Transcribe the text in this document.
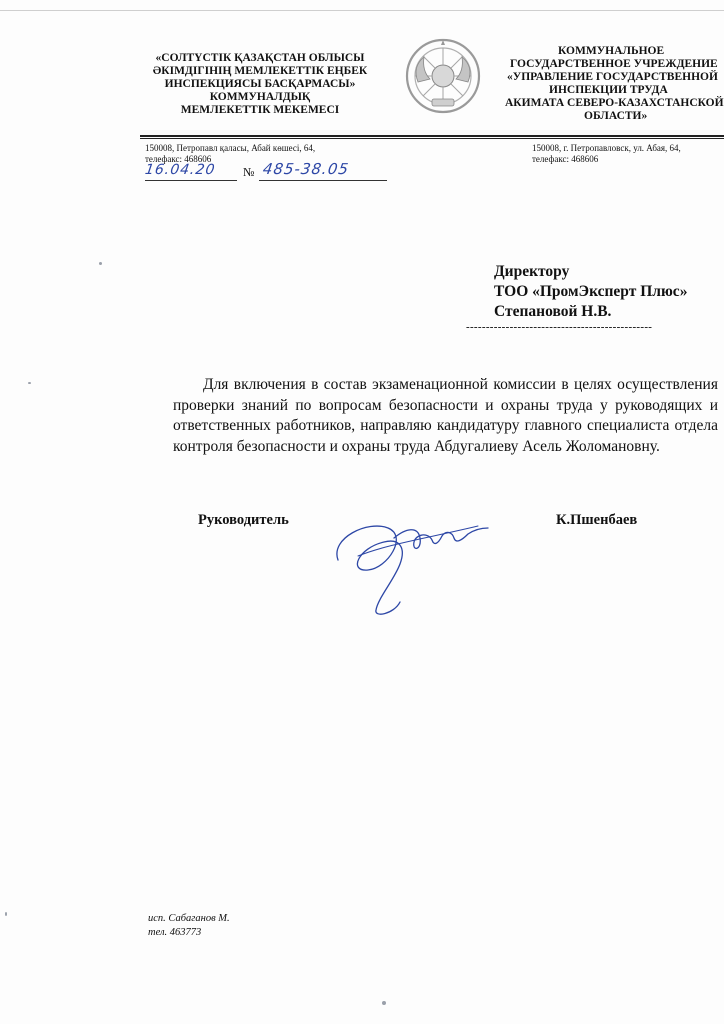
«СОЛТҮСТІК ҚАЗАҚСТАН ОБЛЫСЫ
ӘКІМДІГІНІҢ МЕМЛЕКЕТТІК ЕҢБЕК
ИНСПЕКЦИЯСЫ БАСҚАРМАСЫ»
КОММУНАЛДЫҚ
МЕМЛЕКЕТТІК МЕКЕМЕСІ
КОММУНАЛЬНОЕ
ГОСУДАРСТВЕННОЕ УЧРЕЖДЕНИЕ
«УПРАВЛЕНИЕ ГОСУДАРСТВЕННОЙ
ИНСПЕКЦИИ ТРУДА
АКИМАТА СЕВЕРО-КАЗАХСТАНСКОЙ
ОБЛАСТИ»
150008, Петропавл қаласы, Абай көшесі, 64,
телефакс: 468606
150008, г. Петропавловск, ул. Абая, 64,
телефакс: 468606
16.04.20 № 485-38.05
Директору
ТОО «ПромЭксперт Плюс»
Степановой Н.В.
-----------------------------------------------
Для включения в состав экзаменационной комиссии в целях осуществления проверки знаний по вопросам безопасности и охраны труда у руководящих и ответственных работников, направляю кандидатуру главного специалиста отдела контроля безопасности и охраны труда Абдугалиеву Асель Жоломановну.
Руководитель	К.Пшенбаев
исп. Сабаганов М.
тел. 463773
